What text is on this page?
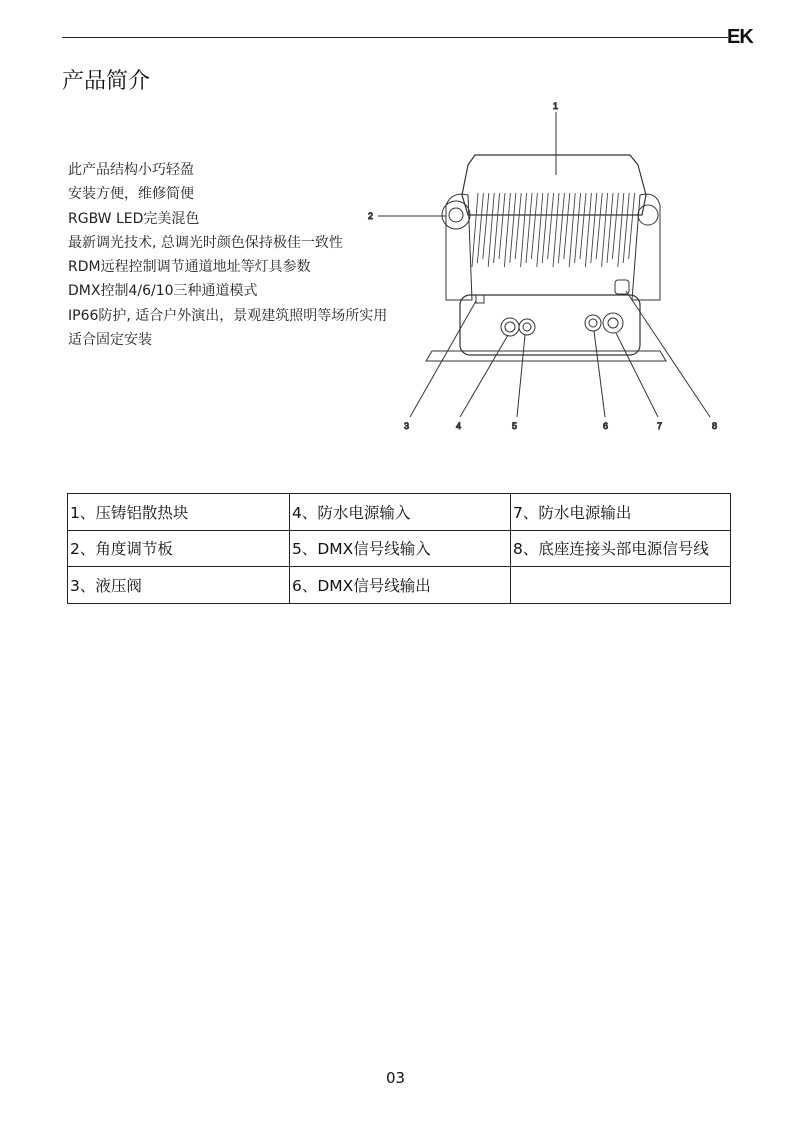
EK
产品简介
此产品结构小巧轻盈
安装方便，维修简便
RGBW LED完美混色
最新调光技术, 总调光时颜色保持极佳一致性
RDM远程控制调节通道地址等灯具参数
DMX控制4/6/10三种通道模式
IP66防护, 适合户外演出，景观建筑照明等场所实用
适合固定安装
1
2
3	4	5	6	7	8
1、压铸铝散热块	4、防水电源输入	7、防水电源输出
2、角度调节板	5、DMX信号线输入	8、底座连接头部电源信号线
3、液压阀	6、DMX信号线输出	
03
